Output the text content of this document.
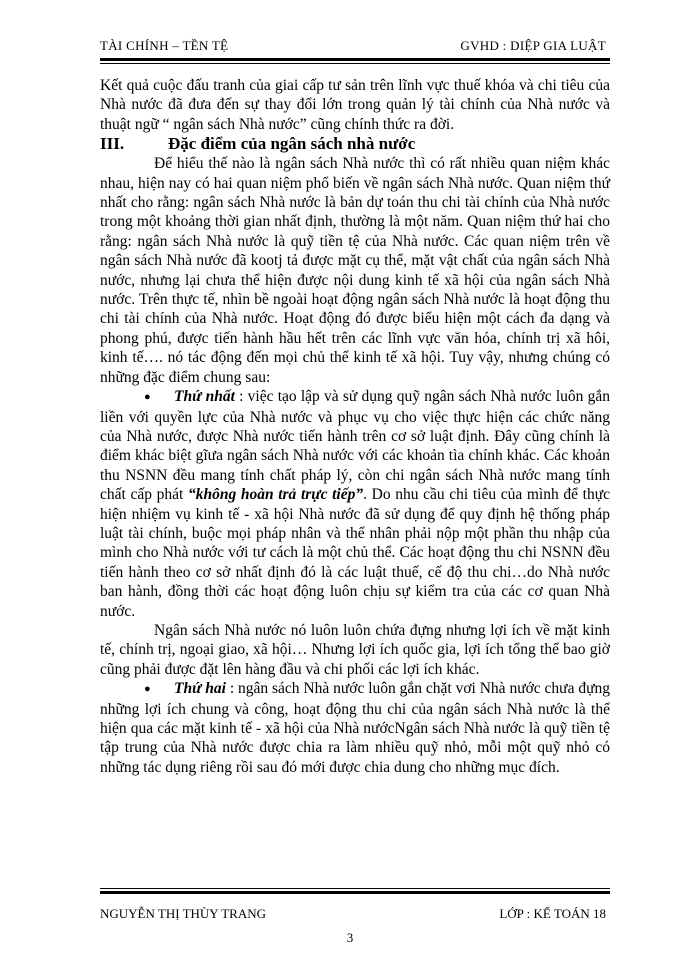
TÀI CHÍNH – TỀN TỆ	GVHD : DIỆP GIA LUẬT

Kết quả cuộc đấu tranh của giai cấp tư sản trên lĩnh vực thuế khóa và chi tiêu của Nhà nước đã đưa đến sự thay đổi lớn trong quản lý tài chính của Nhà nước và thuật ngữ “ ngân sách Nhà nước” cũng chính thức ra đời.

III.	Đặc điểm của ngân sách nhà nước

Để hiểu thế nào là ngân sách Nhà nước thì có rất nhiều quan niệm khác nhau, hiện nay có hai quan niệm phổ biến về ngân sách Nhà nước. Quan niệm thứ nhất cho rằng: ngân sách Nhà nước là bản dự toán thu chi tài chính của Nhà nước trong một khoảng thời gian nhất định, thường là một năm. Quan niệm thứ hai cho rằng: ngân sách Nhà nước là quỹ tiền tệ của Nhà nước. Các quan niệm trên về ngân sách Nhà nước đã kootj tả được mặt cụ thể, mặt vật chất của ngân sách Nhà nước, nhưng lại chưa thể hiện được nội dung kinh tế xã hội của ngân sách Nhà nước. Trên thực tế, nhìn bề ngoài hoạt động ngân sách Nhà nước là hoạt động thu chi tài chính của Nhà nước. Hoạt động đó được biểu hiện một cách đa dạng và phong phú, được tiến hành hầu hết trên các lĩnh vực văn hóa, chính trị xã hôi, kinh tế…. nó tác động đến mọi chủ thể kinh tế xã hội. Tuy vậy, nhưng chúng có những đặc điểm chung sau:

● Thứ nhất : việc tạo lập và sử dụng quỹ ngân sách Nhà nước luôn gắn liền với quyền lực của Nhà nước và phục vụ cho việc thực hiện các chức năng của Nhà nước, được Nhà nước tiến hành trên cơ sở luật định. Đây cũng chính là điểm khác biệt gĩưa ngân sách Nhà nước với các khoản tìa chính khác. Các khoản thu NSNN đều mang tính chất pháp lý, còn chi ngân sách Nhà nước mang tính chất cấp phát “không hoàn trả trực tiếp”. Do nhu cầu chi tiêu của mình để thực hiện nhiệm vụ kinh tế - xã hội Nhà nước đã sử dụng để quy định hệ thống pháp luật tài chính, buộc mọi pháp nhân và thể nhân phải nộp một phần thu nhập của mình cho Nhà nước với tư cách là một chủ thể. Các hoạt động thu chi NSNN đều tiến hành theo cơ sở nhất định đó là các luật thuế, cế độ thu chi…do Nhà nước ban hành, đồng thời các hoạt động luôn chịu sự kiểm tra của các cơ quan Nhà nước.

Ngân sách Nhà nước nó luôn luôn chứa đựng nhưng lợi ích về mặt kinh tế, chính trị, ngoại giao, xã hội… Nhưng lợi ích quốc gia, lợi ích tổng thể bao giờ cũng phải được đặt lên hàng đầu và chi phối các lợi ích khác.

● Thứ hai : ngân sách Nhà nước luôn gắn chặt vơi Nhà nước chưa đựng những lợi ích chung và công, hoạt động thu chi của ngân sách Nhà nước là thể hiện qua các mặt kinh tế - xã hội của Nhà nướcNgân sách Nhà nước là quỹ tiền tệ tập trung của Nhà nước được chia ra làm nhiều quỹ nhỏ, mỗi một quỹ nhỏ có những tác dụng riêng rồi sau đó mới được chia dung cho những mục đích.

NGUYỄN THỊ THÙY TRANG	LỚP : KẾ TOÁN 18
3
